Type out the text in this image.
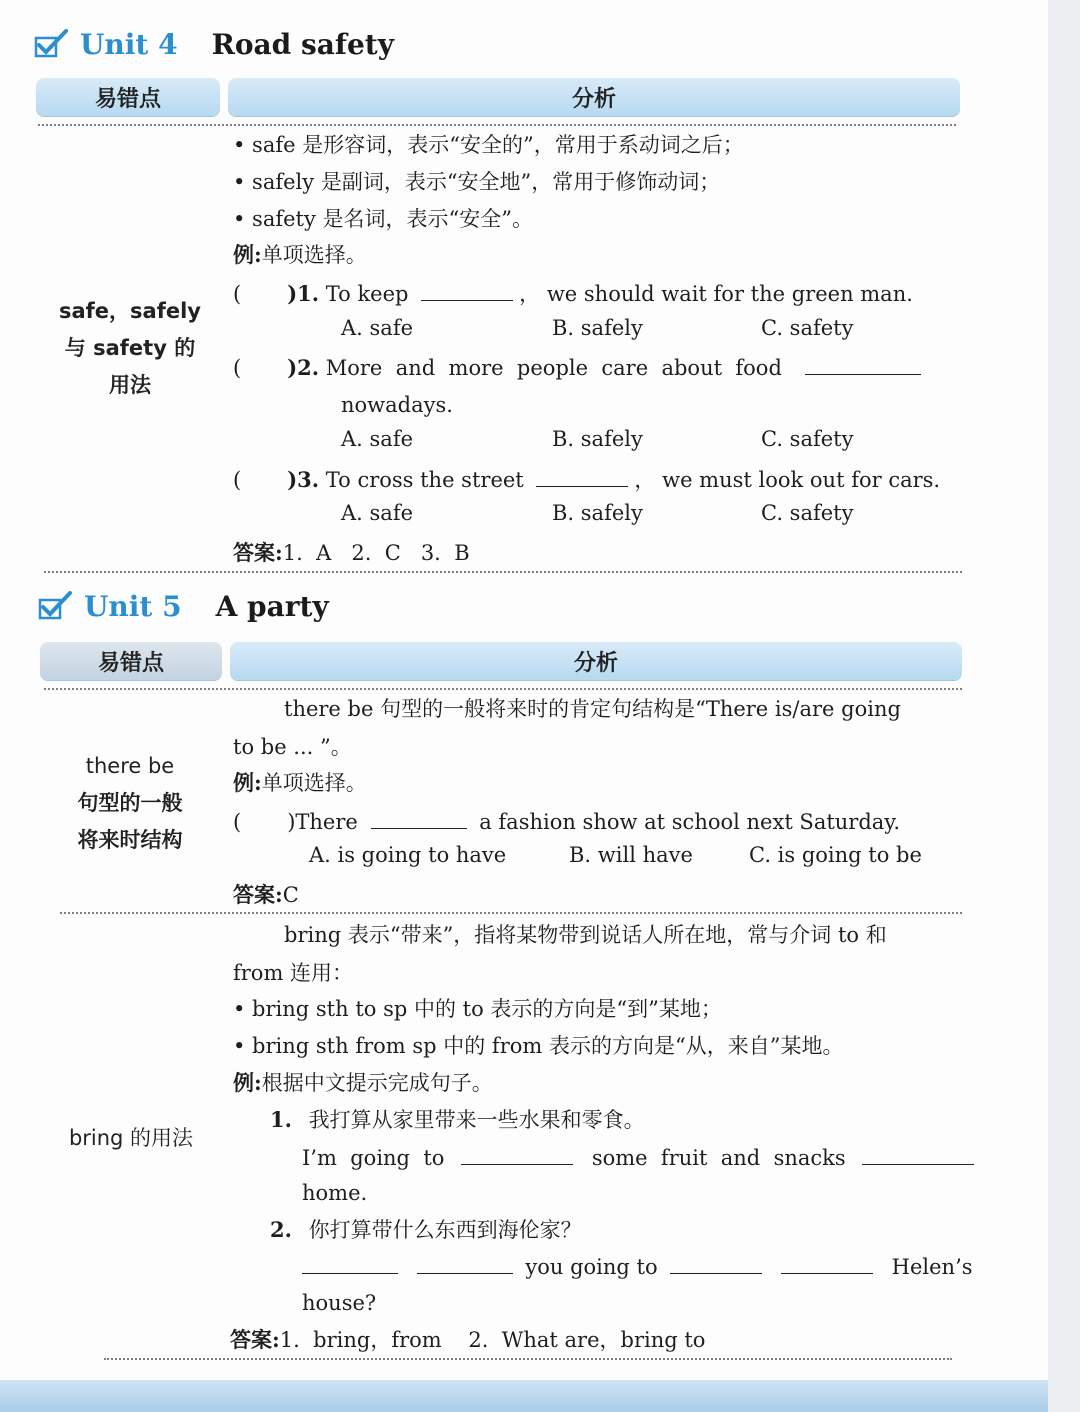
Unit 4 Road safety
易错点	分析
safe，safely
与 safety 的
用法
• safe 是形容词，表示“安全的”，常用于系动词之后；
• safely 是副词，表示“安全地”，常用于修饰动词；
• safety 是名词，表示“安全”。
例:单项选择。
( )1. To keep	， we should wait for the green man.
A. safe	B. safely	C. safety
( )2. More  and  more  people  care  about  food
nowadays.
A. safe	B. safely	C. safety
( )3. To cross the street	， we must look out for cars.
A. safe	B. safely	C. safety
答案:1.  A   2.  C   3.  B
Unit 5 A party
易错点	分析
there be
句型的一般
将来时结构
there be 句型的一般将来时的肯定句结构是“There is/are going
to be ... ”。
例:单项选择。
( )There	a fashion show at school next Saturday.
A. is going to have	B. will have	C. is going to be
答案:C
bring 的用法
bring 表示“带来”，指将某物带到说话人所在地，常与介词 to 和
from 连用：
• bring sth to sp 中的 to 表示的方向是“到”某地；
• bring sth from sp 中的 from 表示的方向是“从，来自”某地。
例:根据中文提示完成句子。
1. 我打算从家里带来一些水果和零食。
I’m  going  to	some  fruit  and  snacks
home.
2. 你打算带什么东西到海伦家？
you going to	Helen’s
house?
答案:1.  bring，from    2.  What are，bring to
